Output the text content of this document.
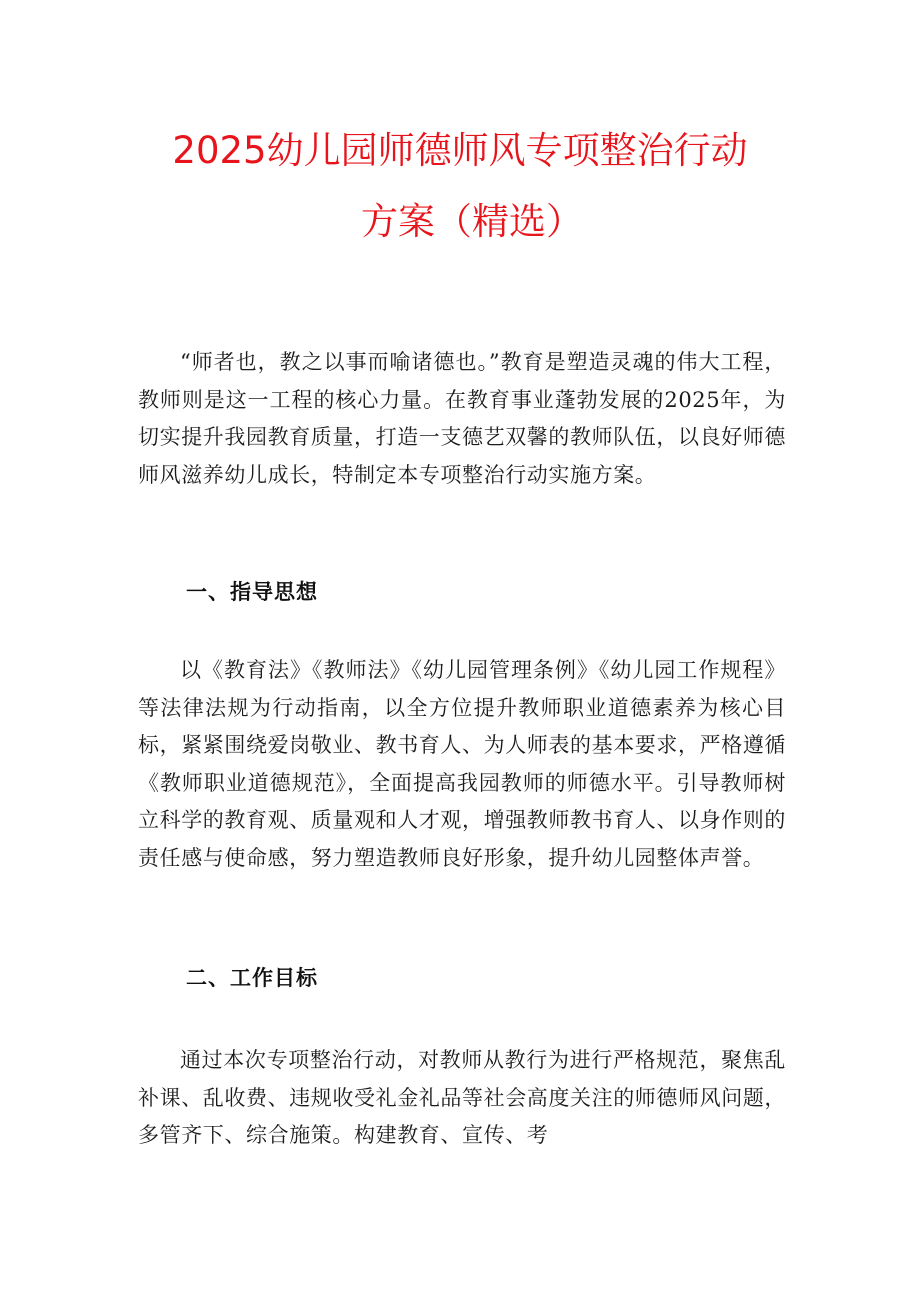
2025幼儿园师德师风专项整治行动
方案（精选）

“师者也，教之以事而喻诸德也。”教育是塑造灵魂的伟大工程，教师则是这一工程的核心力量。在教育事业蓬勃发展的2025年，为切实提升我园教育质量，打造一支德艺双馨的教师队伍，以良好师德师风滋养幼儿成长，特制定本专项整治行动实施方案。

一、指导思想

以《教育法》《教师法》《幼儿园管理条例》《幼儿园工作规程》等法律法规为行动指南，以全方位提升教师职业道德素养为核心目标，紧紧围绕爱岗敬业、教书育人、为人师表的基本要求，严格遵循《教师职业道德规范》，全面提高我园教师的师德水平。引导教师树立科学的教育观、质量观和人才观，增强教师教书育人、以身作则的责任感与使命感，努力塑造教师良好形象，提升幼儿园整体声誉。

二、工作目标

通过本次专项整治行动，对教师从教行为进行严格规范，聚焦乱补课、乱收费、违规收受礼金礼品等社会高度关注的师德师风问题，多管齐下、综合施策。构建教育、宣传、考
